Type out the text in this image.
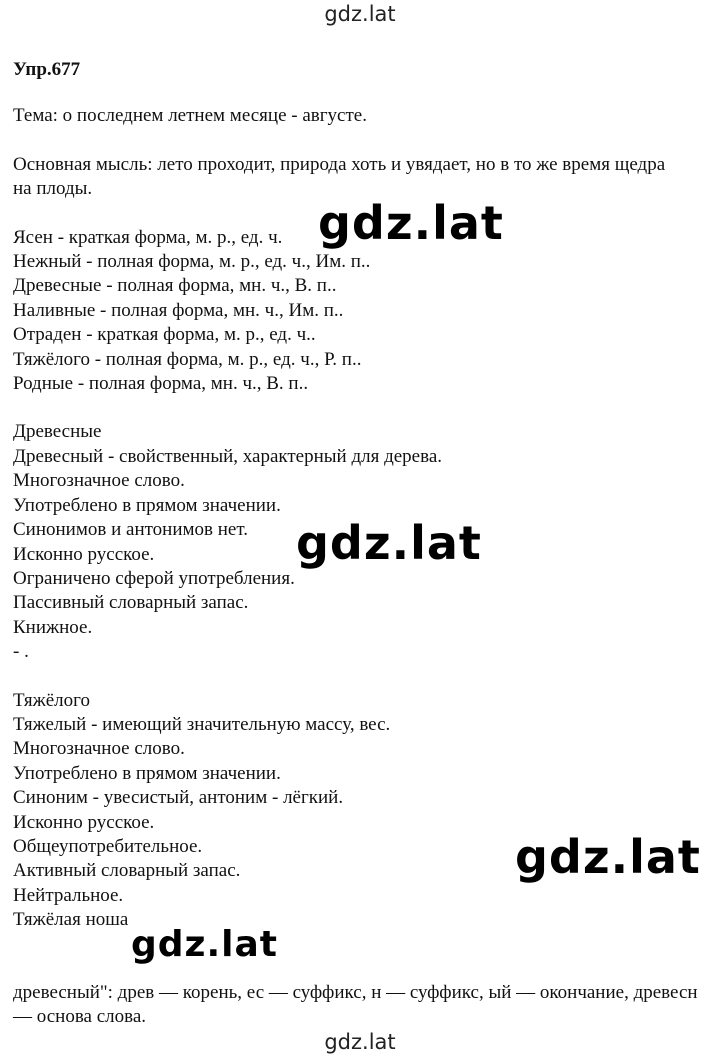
gdz.lat
Упр.677
Тема: о последнем летнем месяце - августе.
Основная мысль: лето проходит, природа хоть и увядает, но в то же время щедра на плоды.
Ясен - краткая форма, м. р., ед. ч.
Нежный - полная форма, м. р., ед. ч., Им. п..
Древесные - полная форма, мн. ч., В. п..
Наливные - полная форма, мн. ч., Им. п..
Отраден - краткая форма, м. р., ед. ч..
Тяжёлого - полная форма, м. р., ед. ч., Р. п..
Родные - полная форма, мн. ч., В. п..
Древесные
Древесный - свойственный, характерный для дерева.
Многозначное слово.
Употреблено в прямом значении.
Синонимов и антонимов нет.
Исконно русское.
Ограничено сферой употребления.
Пассивный словарный запас.
Книжное.
- .
Тяжёлого
Тяжелый - имеющий значительную массу, вес.
Многозначное слово.
Употреблено в прямом значении.
Синоним - увесистый, антоним - лёгкий.
Исконно русское.
Общеупотребительное.
Активный словарный запас.
Нейтральное.
Тяжёлая ноша
древесный": древ — корень, ес — суффикс, н — суффикс, ый — окончание, древесн — основа слова.
gdz.lat
gdz.lat
gdz.lat
gdz.lat
gdz.lat
